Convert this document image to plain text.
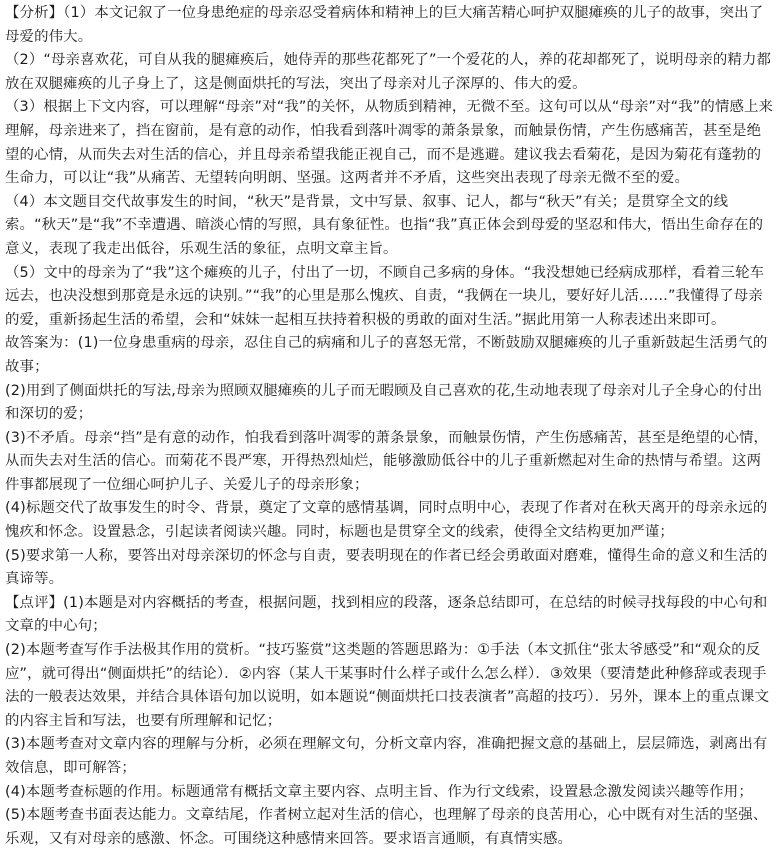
【分析】（1）本文记叙了一位身患绝症的母亲忍受着病体和精神上的巨大痛苦精心呵护双腿瘫痪的儿子的故事，突出了母爱的伟大。

（2）“母亲喜欢花，可自从我的腿瘫痪后，她侍弄的那些花都死了”一个爱花的人，养的花却都死了，说明母亲的精力都放在双腿瘫痪的儿子身上了，这是侧面烘托的写法，突出了母亲对儿子深厚的、伟大的爱。

（3）根据上下文内容，可以理解“母亲”对“我”的关怀，从物质到精神，无微不至。这句可以从“母亲”对“我”的情感上来理解，母亲进来了，挡在窗前，是有意的动作，怕我看到落叶凋零的萧条景象，而触景伤情，产生伤感痛苦，甚至是绝望的心情，从而失去对生活的信心，并且母亲希望我能正视自己，而不是逃避。建议我去看菊花，是因为菊花有蓬勃的生命力，可以让“我”从痛苦、无望转向明朗、坚强。这两者并不矛盾，这些突出表现了母亲无微不至的爱。

（4）本文题目交代故事发生的时间，“秋天”是背景，文中写景、叙事、记人，都与“秋天”有关；是贯穿全文的线索。“秋天”是“我”不幸遭遇、暗淡心情的写照，具有象征性。也指“我”真正体会到母爱的坚忍和伟大，悟出生命存在的意义，表现了我走出低谷，乐观生活的象征，点明文章主旨。

（5）文中的母亲为了“我”这个瘫痪的儿子，付出了一切，不顾自己多病的身体。“我没想她已经病成那样，看着三轮车远去，也决没想到那竟是永远的诀别。”“我”的心里是那么愧疚、自责，“我俩在一块儿，要好好儿活……”我懂得了母亲的爱，重新扬起生活的希望，会和“妹妹一起相互扶持着积极的勇敢的面对生活。”据此用第一人称表述出来即可。

故答案为：(1)一位身患重病的母亲，忍住自己的病痛和儿子的喜怒无常，不断鼓励双腿瘫痪的儿子重新鼓起生活勇气的故事；

(2)用到了侧面烘托的写法,母亲为照顾双腿瘫痪的儿子而无暇顾及自己喜欢的花,生动地表现了母亲对儿子全身心的付出和深切的爱；

(3)不矛盾。母亲“挡”是有意的动作，怕我看到落叶凋零的萧条景象，而触景伤情，产生伤感痛苦，甚至是绝望的心情，从而失去对生活的信心。而菊花不畏严寒，开得热烈灿烂，能够激励低谷中的儿子重新燃起对生命的热情与希望。这两件事都展现了一位细心呵护儿子、关爱儿子的母亲形象；

(4)标题交代了故事发生的时令、背景，奠定了文章的感情基调，同时点明中心，表现了作者对在秋天离开的母亲永远的愧疚和怀念。设置悬念，引起读者阅读兴趣。同时，标题也是贯穿全文的线索，使得全文结构更加严谨；

(5)要求第一人称，要答出对母亲深切的怀念与自责，要表明现在的作者已经会勇敢面对磨难，懂得生命的意义和生活的真谛等。

【点评】(1)本题是对内容概括的考查，根据问题，找到相应的段落，逐条总结即可，在总结的时候寻找每段的中心句和文章的中心句；

(2)本题考查写作手法极其作用的赏析。“技巧鉴赏”这类题的答题思路为：①手法（本文抓住“张太爷感受”和“观众的反应”，就可得出“侧面烘托”的结论）．②内容（某人干某事时什么样子或什么怎么样）．③效果（要清楚此种修辞或表现手法的一般表达效果，并结合具体语句加以说明，如本题说“侧面烘托口技表演者”高超的技巧）．另外，课本上的重点课文的内容主旨和写法，也要有所理解和记忆；

(3)本题考查对文章内容的理解与分析，必须在理解文句，分析文章内容，准确把握文意的基础上，层层筛选，剥离出有效信息，即可解答；

(4)本题考查标题的作用。标题通常有概括文章主要内容、点明主旨、作为行文线索，设置悬念激发阅读兴趣等作用；

(5)本题考查书面表达能力。文章结尾，作者树立起对生活的信心，也理解了母亲的良苦用心，心中既有对生活的坚强、乐观，又有对母亲的感激、怀念。可围绕这种感情来回答。要求语言通顺，有真情实感。
